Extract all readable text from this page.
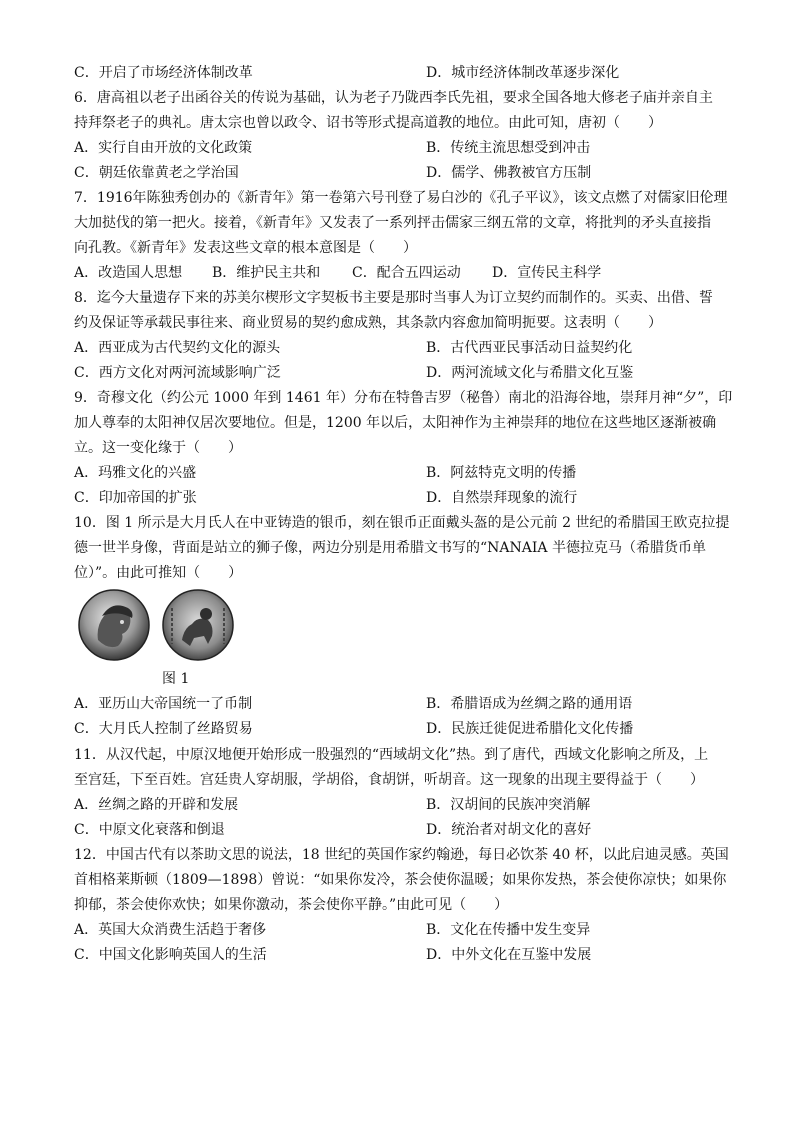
C．开启了市场经济体制改革	D．城市经济体制改革逐步深化
6．唐高祖以老子出函谷关的传说为基础，认为老子乃陇西李氏先祖，要求全国各地大修老子庙并亲自主
持拜祭老子的典礼。唐太宗也曾以政令、诏书等形式提高道教的地位。由此可知，唐初（　　）
A．实行自由开放的文化政策	B．传统主流思想受到冲击
C．朝廷依靠黄老之学治国	D．儒学、佛教被官方压制
7．1916年陈独秀创办的《新青年》第一卷第六号刊登了易白沙的《孔子平议》，该文点燃了对儒家旧伦理
大加挞伐的第一把火。接着，《新青年》又发表了一系列抨击儒家三纲五常的文章，将批判的矛头直接指
向孔教。《新青年》发表这些文章的根本意图是（　　）
A．改造国人思想 B．维护民主共和 C．配合五四运动 D．宣传民主科学
8．迄今大量遗存下来的苏美尔楔形文字契板书主要是那时当事人为订立契约而制作的。买卖、出借、誓
约及保证等承载民事往来、商业贸易的契约愈成熟，其条款内容愈加简明扼要。这表明（　　）
A．西亚成为古代契约文化的源头	B．古代西亚民事活动日益契约化
C．西方文化对两河流域影响广泛	D．两河流域文化与希腊文化互鉴
9．奇穆文化（约公元 1000 年到 1461 年）分布在特鲁吉罗（秘鲁）南北的沿海谷地，崇拜月神“夕”，印
加人尊奉的太阳神仅居次要地位。但是，1200 年以后，太阳神作为主神崇拜的地位在这些地区逐渐被确
立。这一变化缘于（　　）
A．玛雅文化的兴盛	B．阿兹特克文明的传播
C．印加帝国的扩张	D．自然崇拜现象的流行
10．图 1 所示是大月氏人在中亚铸造的银币，刻在银币正面戴头盔的是公元前 2 世纪的希腊国王欧克拉提
德一世半身像，背面是站立的狮子像，两边分别是用希腊文书写的“NANAIA 半德拉克马（希腊货币单
位）”。由此可推知（　　）
图 1
A．亚历山大帝国统一了币制	B．希腊语成为丝绸之路的通用语
C．大月氏人控制了丝路贸易	D．民族迁徙促进希腊化文化传播
11．从汉代起，中原汉地便开始形成一股强烈的“西域胡文化”热。到了唐代，西域文化影响之所及，上
至宫廷，下至百姓。宫廷贵人穿胡服，学胡俗，食胡饼，听胡音。这一现象的出现主要得益于（　　）
A．丝绸之路的开辟和发展	B．汉胡间的民族冲突消解
C．中原文化衰落和倒退	D．统治者对胡文化的喜好
12．中国古代有以茶助文思的说法，18 世纪的英国作家约翰逊，每日必饮茶 40 杯，以此启迪灵感。英国
首相格莱斯顿（1809—1898）曾说：“如果你发冷，茶会使你温暖；如果你发热，茶会使你凉快；如果你
抑郁，茶会使你欢快；如果你激动，茶会使你平静。”由此可见（　　）
A．英国大众消费生活趋于奢侈	B．文化在传播中发生变异
C．中国文化影响英国人的生活	D．中外文化在互鉴中发展
